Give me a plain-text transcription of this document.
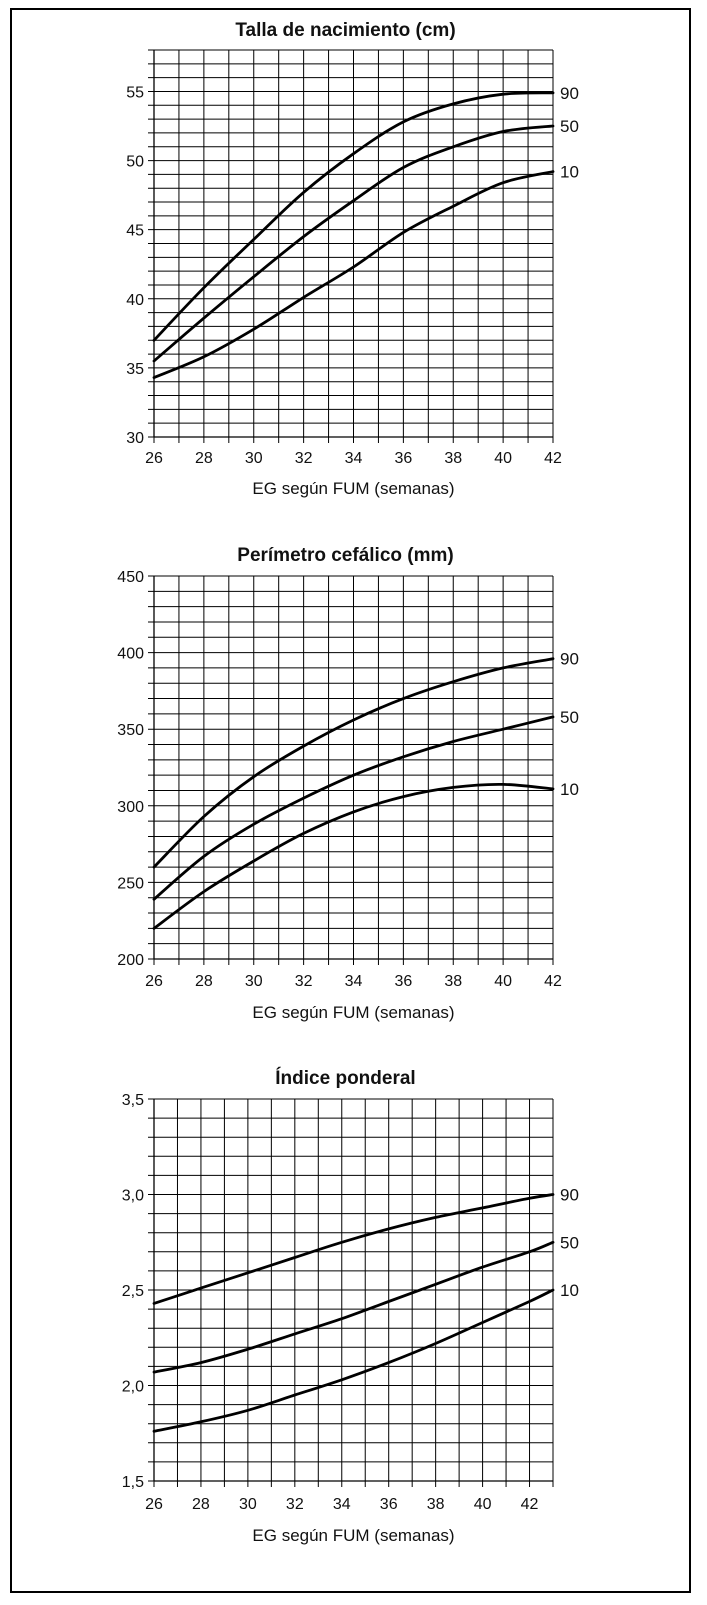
Talla de nacimiento (cm)
30
35
40
45
50
55
26 28 30 32 34 36 38 40 42
EG según FUM (semanas)
90
50
10
Perímetro cefálico (mm)
200
250
300
350
400
450
26 28 30 32 34 36 38 40 42
EG según FUM (semanas)
90
50
10
Índice ponderal
1,5
2,0
2,5
3,0
3,5
26 28 30 32 34 36 38 40 42
EG según FUM (semanas)
90
50
10
